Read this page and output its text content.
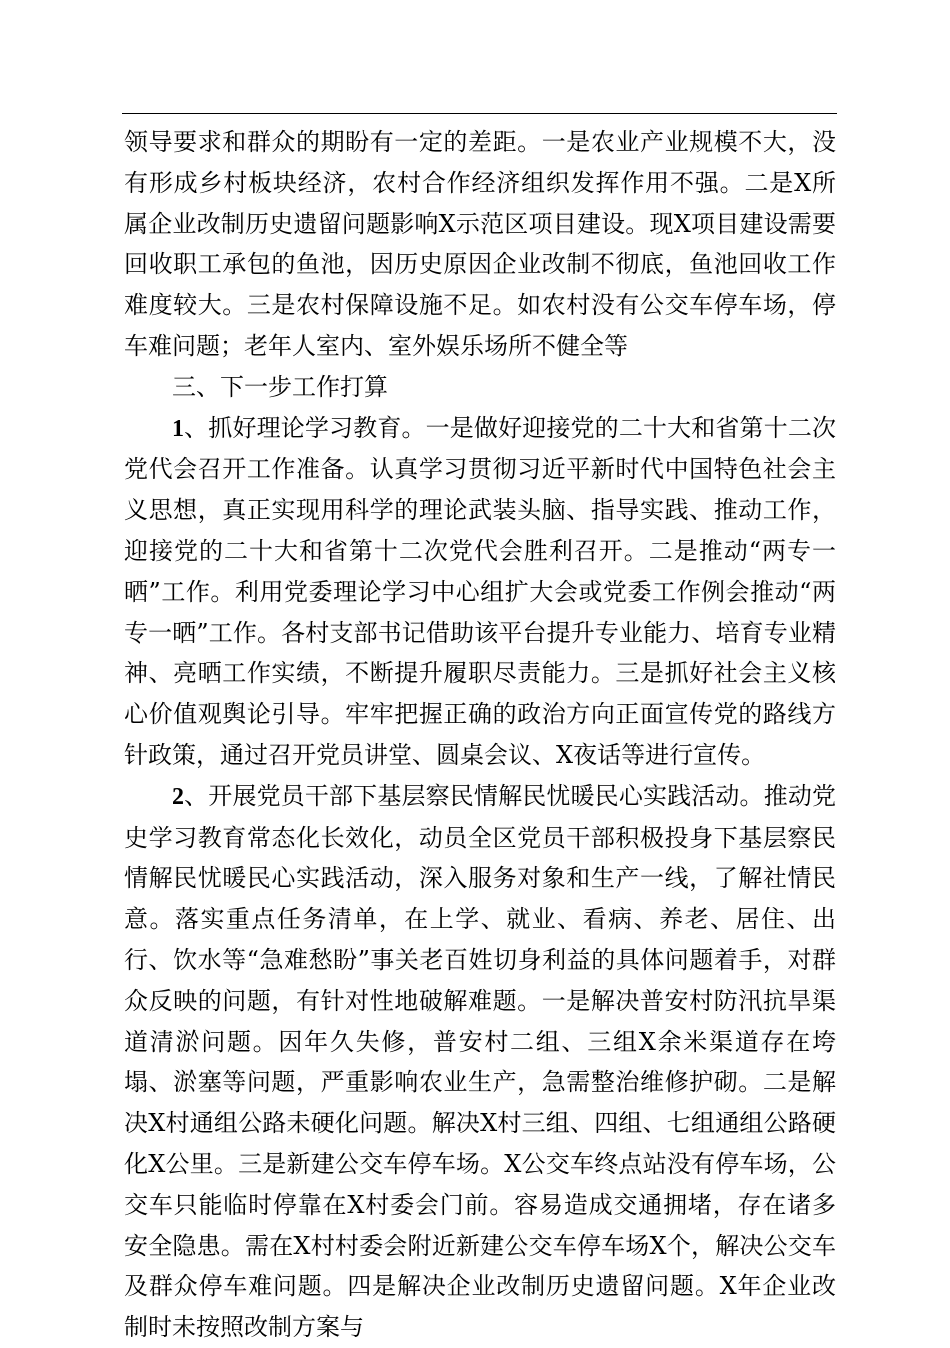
领导要求和群众的期盼有一定的差距。一是农业产业规模不大，没有形成乡村板块经济，农村合作经济组织发挥作用不强。二是X所属企业改制历史遗留问题影响X示范区项目建设。现X项目建设需要回收职工承包的鱼池，因历史原因企业改制不彻底，鱼池回收工作难度较大。三是农村保障设施不足。如农村没有公交车停车场，停车难问题；老年人室内、室外娱乐场所不健全等

三、下一步工作打算

1、抓好理论学习教育。一是做好迎接党的二十大和省第十二次党代会召开工作准备。认真学习贯彻习近平新时代中国特色社会主义思想，真正实现用科学的理论武装头脑、指导实践、推动工作，迎接党的二十大和省第十二次党代会胜利召开。二是推动“两专一晒”工作。利用党委理论学习中心组扩大会或党委工作例会推动“两专一晒”工作。各村支部书记借助该平台提升专业能力、培育专业精神、亮晒工作实绩，不断提升履职尽责能力。三是抓好社会主义核心价值观舆论引导。牢牢把握正确的政治方向正面宣传党的路线方针政策，通过召开党员讲堂、圆桌会议、X夜话等进行宣传。

2、开展党员干部下基层察民情解民忧暖民心实践活动。推动党史学习教育常态化长效化，动员全区党员干部积极投身下基层察民情解民忧暖民心实践活动，深入服务对象和生产一线，了解社情民意。落实重点任务清单，在上学、就业、看病、养老、居住、出行、饮水等“急难愁盼”事关老百姓切身利益的具体问题着手，对群众反映的问题，有针对性地破解难题。一是解决普安村防汛抗旱渠道清淤问题。因年久失修，普安村二组、三组X余米渠道存在垮塌、淤塞等问题，严重影响农业生产，急需整治维修护砌。二是解决X村通组公路未硬化问题。解决X村三组、四组、七组通组公路硬化X公里。三是新建公交车停车场。X公交车终点站没有停车场，公交车只能临时停靠在X村委会门前。容易造成交通拥堵，存在诸多安全隐患。需在X村村委会附近新建公交车停车场X个，解决公交车及群众停车难问题。四是解决企业改制历史遗留问题。X年企业改制时未按照改制方案与
